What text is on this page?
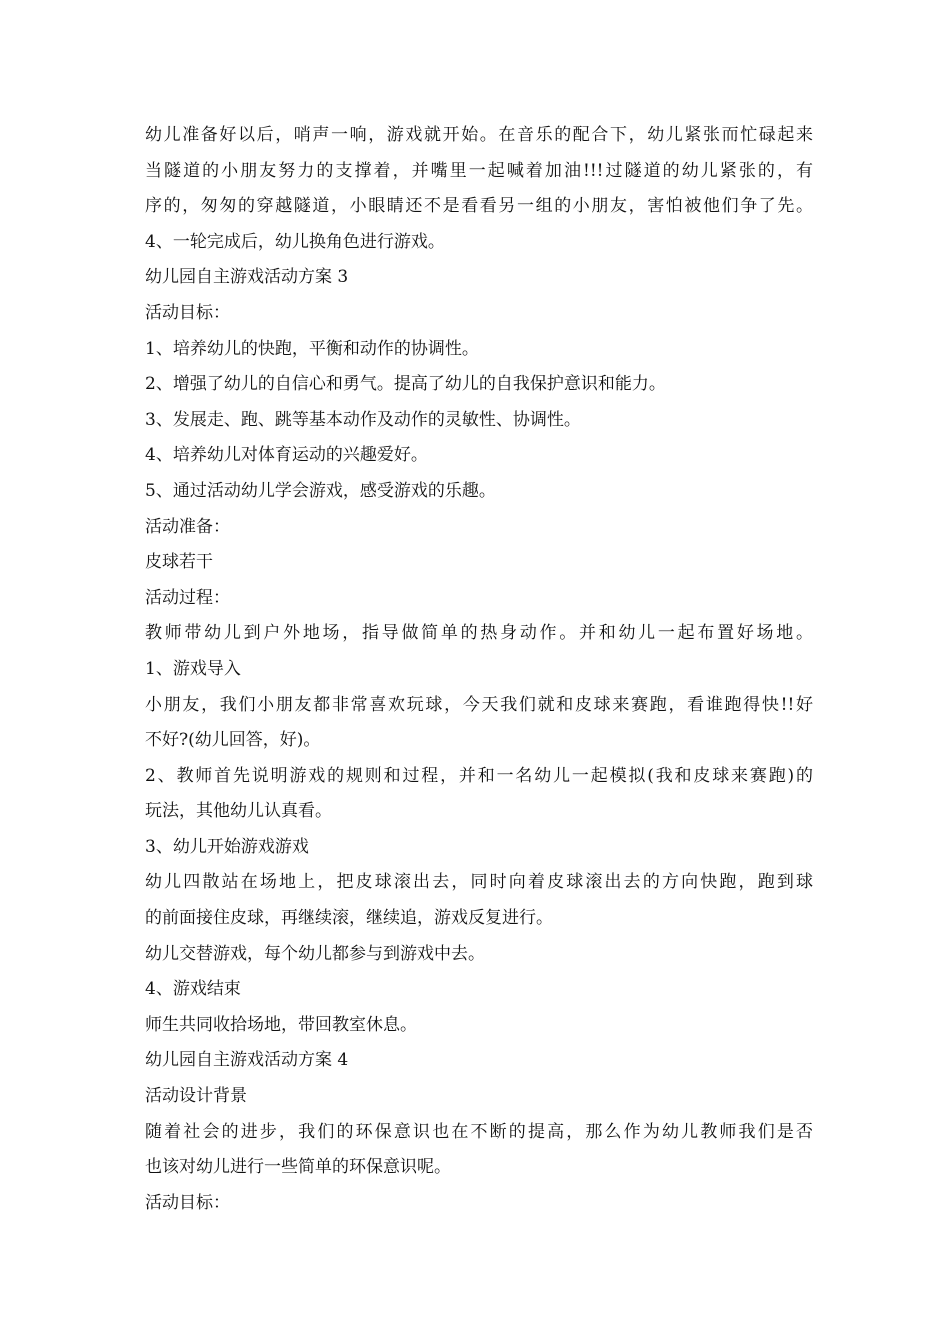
幼儿准备好以后，哨声一响，游戏就开始。在音乐的配合下，幼儿紧张而忙碌起来
当隧道的小朋友努力的支撑着，并嘴里一起喊着加油!!!过隧道的幼儿紧张的，有
序的，匆匆的穿越隧道，小眼睛还不是看看另一组的小朋友，害怕被他们争了先。
4、一轮完成后，幼儿换角色进行游戏。
幼儿园自主游戏活动方案 3
活动目标：
1、培养幼儿的快跑，平衡和动作的协调性。
2、增强了幼儿的自信心和勇气。提高了幼儿的自我保护意识和能力。
3、发展走、跑、跳等基本动作及动作的灵敏性、协调性。
4、培养幼儿对体育运动的兴趣爱好。
5、通过活动幼儿学会游戏，感受游戏的乐趣。
活动准备：
皮球若干
活动过程：
教师带幼儿到户外地场，指导做简单的热身动作。并和幼儿一起布置好场地。
1、游戏导入
小朋友，我们小朋友都非常喜欢玩球，今天我们就和皮球来赛跑，看谁跑得快!!好
不好?(幼儿回答，好)。
2、教师首先说明游戏的规则和过程，并和一名幼儿一起模拟(我和皮球来赛跑)的
玩法，其他幼儿认真看。
3、幼儿开始游戏游戏
幼儿四散站在场地上，把皮球滚出去，同时向着皮球滚出去的方向快跑，跑到球
的前面接住皮球，再继续滚，继续追，游戏反复进行。
幼儿交替游戏，每个幼儿都参与到游戏中去。
4、游戏结束
师生共同收拾场地，带回教室休息。
幼儿园自主游戏活动方案 4
活动设计背景
随着社会的进步，我们的环保意识也在不断的提高，那么作为幼儿教师我们是否
也该对幼儿进行一些简单的环保意识呢。
活动目标：
